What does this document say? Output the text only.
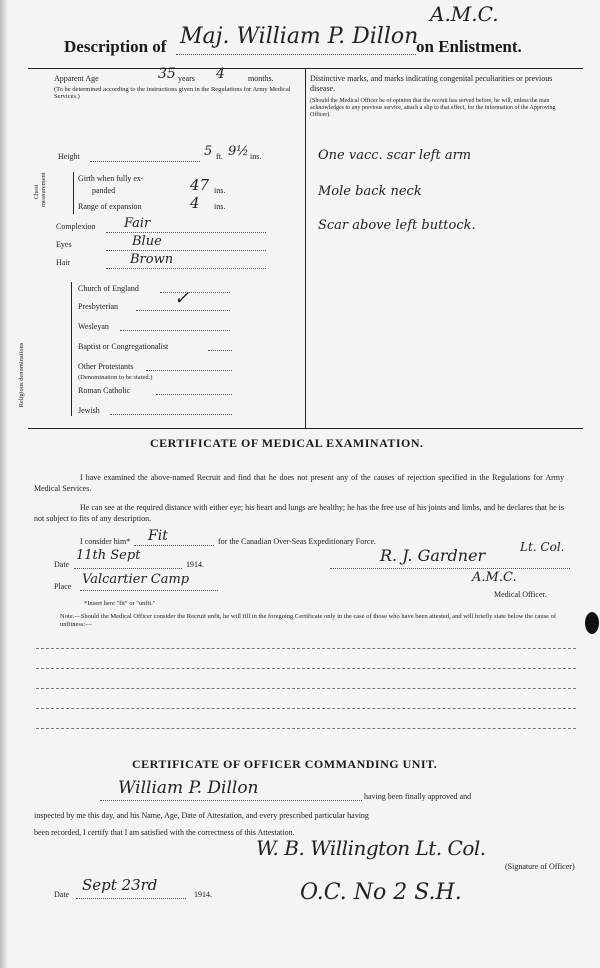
Description of Maj. William P. Dillon
on Enlistment.
A.M.C.
Apparent Age	35 years 4	months.
(To be determined according to the instructions given in the Regulations for Army Medical Services.)
Height	5 ft. 9½ ins.
Chest measurement	Girth when fully ex-
panded	47 ins.
Range of expansion	4 ins.
Complexion Fair
Eyes	Blue
Hair	Brown
Religious denominations
Church of England
Presbyterian	✓
Wesleyan
Baptist or Congregationalist
Other Protestants
(Denomination to be stated.)
Roman Catholic
Jewish
Distinctive marks, and marks indicating congenital peculiarities or previous disease.
(Should the Medical Officer be of opinion that the recruit has served before, he will, unless the man acknowledges to any previous service, attach a slip to that effect, for the information of the Approving Officer).
One vacc. scar left arm
Mole back neck
Scar above left buttock.
CERTIFICATE OF MEDICAL EXAMINATION.
I have examined the above-named Recruit and find that he does not present any of the causes of rejection specified in the Regulations for Army Medical Services.
He can see at the required distance with either eye; his heart and lungs are healthy; he has the free use of his joints and limbs, and he declares that he is not subject to fits of any description.
I consider him* Fit	for the Canadian Over-Seas Expeditionary Force.
Date
11th Sept
1914.
Place Valcartier Camp
R. J. Gardner	Lt. Col.
A.M.C.
Medical Officer.
*Insert here "fit" or "unfit."
Note.—Should the Medical Officer consider the Recruit unfit, he will fill in the foregoing Certificate only in the case of those who have been attested, and will briefly state below the cause of unfitness:—
CERTIFICATE OF OFFICER COMMANDING UNIT.
William P. Dillon	having been finally approved and
inspected by me this day, and his Name, Age, Date of Attestation, and every prescribed particular having
been recorded, I certify that I am satisfied with the correctness of this Attestation.
W. B. Willington Lt. Col.
(Signature of Officer)
O.C. No 2 S.H.
Date
Sept 23rd
1914.
